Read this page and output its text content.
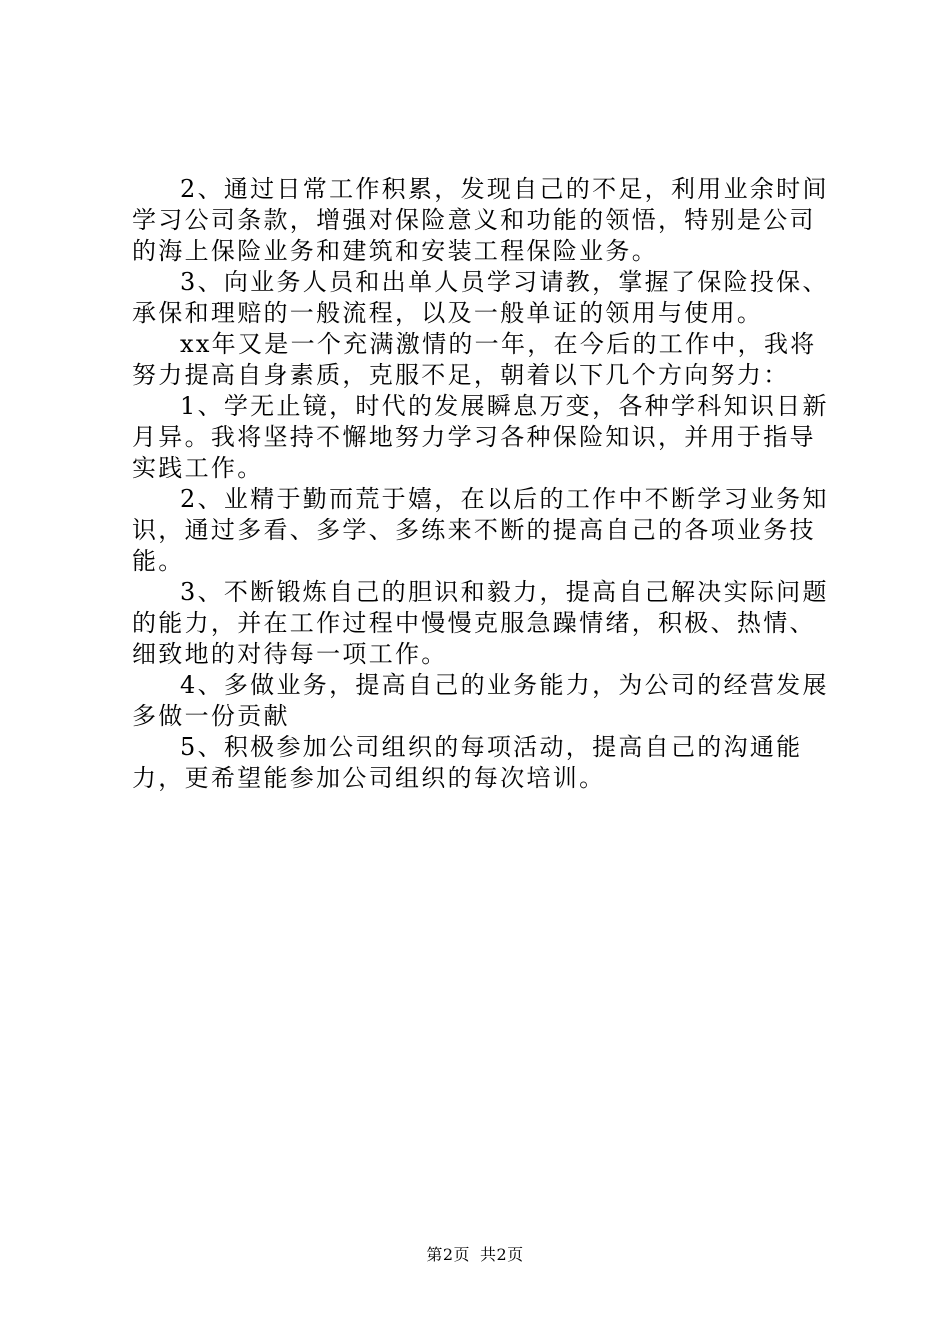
2、通过日常工作积累，发现自己的不足，利用业余时间学习公司条款，增强对保险意义和功能的领悟，特别是公司的海上保险业务和建筑和安装工程保险业务。

3、向业务人员和出单人员学习请教，掌握了保险投保、承保和理赔的一般流程，以及一般单证的领用与使用。

xx年又是一个充满激情的一年，在今后的工作中，我将努力提高自身素质，克服不足，朝着以下几个方向努力：

1、学无止镜，时代的发展瞬息万变，各种学科知识日新月异。我将坚持不懈地努力学习各种保险知识，并用于指导实践工作。

2、业精于勤而荒于嬉，在以后的工作中不断学习业务知识，通过多看、多学、多练来不断的提高自己的各项业务技能。

3、不断锻炼自己的胆识和毅力，提高自己解决实际问题的能力，并在工作过程中慢慢克服急躁情绪，积极、热情、细致地的对待每一项工作。

4、多做业务，提高自己的业务能力，为公司的经营发展多做一份贡献

5、积极参加公司组织的每项活动，提高自己的沟通能力，更希望能参加公司组织的每次培训。

第2页 共2页
